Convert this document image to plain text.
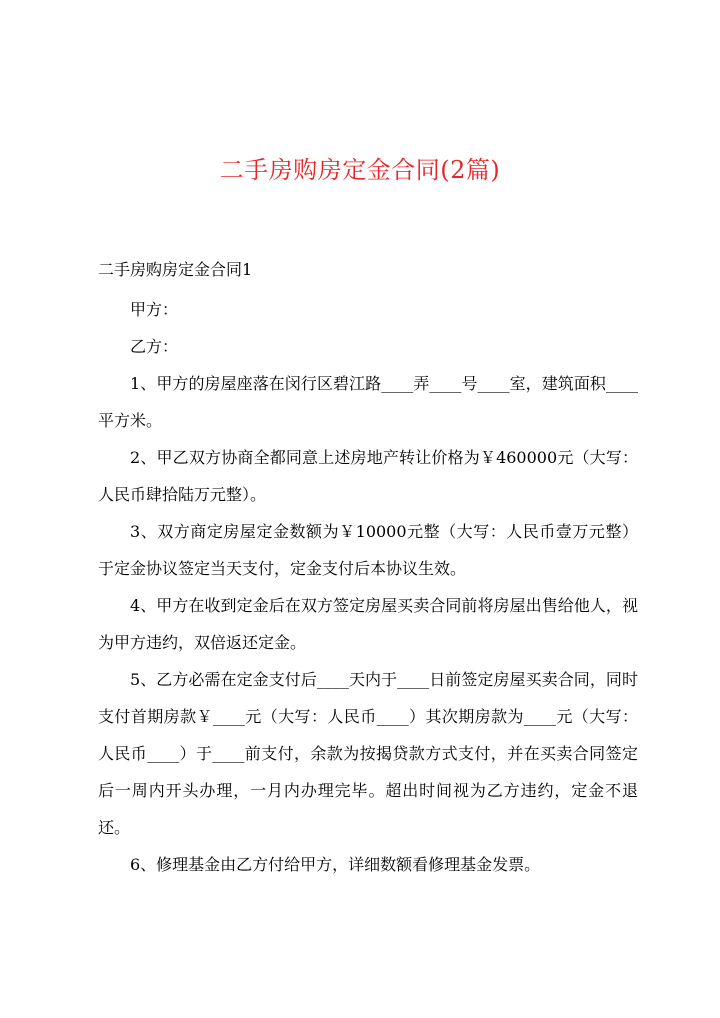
二手房购房定金合同(2篇)
二手房购房定金合同1

甲方：

乙方：

1、甲方的房屋座落在闵行区碧江路____弄____号____室，建筑面积____平方米。

2、甲乙双方协商全都同意上述房地产转让价格为￥460000元（大写：人民币肆拾陆万元整）。

3、双方商定房屋定金数额为￥10000元整（大写：人民币壹万元整）于定金协议签定当天支付，定金支付后本协议生效。

4、甲方在收到定金后在双方签定房屋买卖合同前将房屋出售给他人，视为甲方违约，双倍返还定金。

5、乙方必需在定金支付后____天内于____日前签定房屋买卖合同，同时支付首期房款￥____元（大写：人民币____）其次期房款为____元（大写：人民币____）于____前支付，余款为按揭贷款方式支付，并在买卖合同签定后一周内开头办理，一月内办理完毕。超出时间视为乙方违约，定金不退还。

6、修理基金由乙方付给甲方，详细数额看修理基金发票。
